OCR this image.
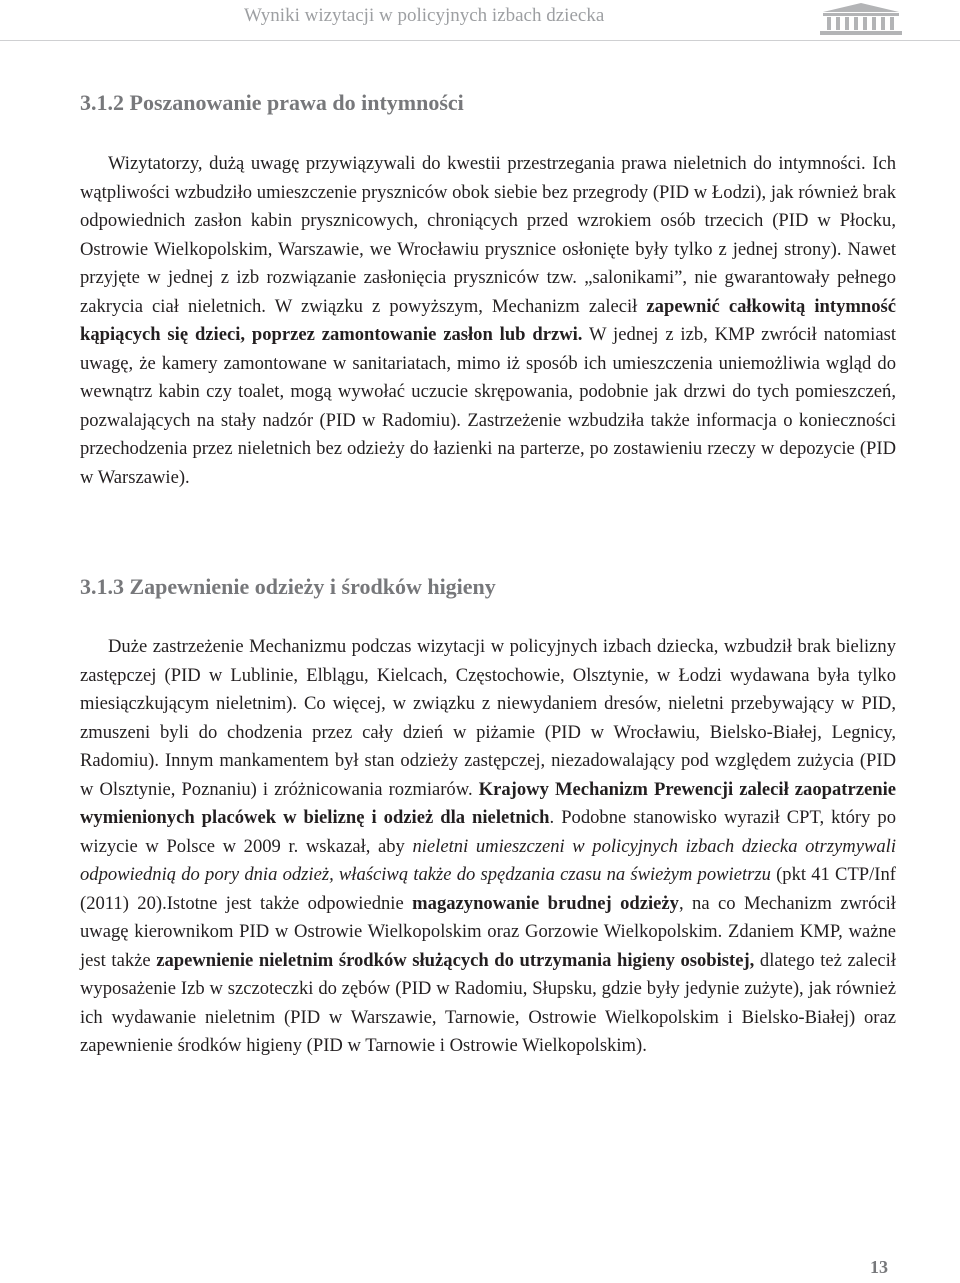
Wyniki wizytacji w policyjnych izbach dziecka
3.1.2 Poszanowanie prawa do intymności

Wizytatorzy, dużą uwagę przywiązywali do kwestii przestrzegania prawa nieletnich do intymności. Ich wątpliwości wzbudziło umieszczenie pryszniców obok siebie bez przegrody (PID w Łodzi), jak również brak odpowiednich zasłon kabin prysznicowych, chroniących przed wzrokiem osób trzecich (PID w Płocku, Ostrowie Wielkopolskim, Warszawie, we Wrocławiu prysznice osłonięte były tylko z jednej strony). Nawet przyjęte w jednej z izb rozwiązanie zasłonięcia pryszniców tzw. „salonikami”, nie gwarantowały pełnego zakrycia ciał nieletnich. W związku z powyższym, Mechanizm zalecił zapewnić całkowitą intymność kąpiących się dzieci, poprzez zamontowanie zasłon lub drzwi. W jednej z izb, KMP zwrócił natomiast uwagę, że kamery zamontowane w sanitariatach, mimo iż sposób ich umieszczenia uniemożliwia wgląd do wewnątrz kabin czy toalet, mogą wywołać uczucie skrępowania, podobnie jak drzwi do tych pomieszczeń, pozwalających na stały nadzór (PID w Radomiu). Zastrzeżenie wzbudziła także informacja o konieczności przechodzenia przez nieletnich bez odzieży do łazienki na parterze, po zostawieniu rzeczy w depozycie (PID w Warszawie).

3.1.3 Zapewnienie odzieży i środków higieny

Duże zastrzeżenie Mechanizmu podczas wizytacji w policyjnych izbach dziecka, wzbudził brak bielizny zastępczej (PID w Lublinie, Elblągu, Kielcach, Częstochowie, Olsztynie, w Łodzi wydawana była tylko miesiączkującym nieletnim). Co więcej, w związku z niewydaniem dresów, nieletni przebywający w PID, zmuszeni byli do chodzenia przez cały dzień w piżamie (PID w Wrocławiu, Bielsko-Białej, Legnicy, Radomiu). Innym mankamentem był stan odzieży zastępczej, niezadowalający pod względem zużycia (PID w Olsztynie, Poznaniu) i zróżnicowania rozmiarów. Krajowy Mechanizm Prewencji zalecił zaopatrzenie wymienionych placówek w bieliznę i odzież dla nieletnich. Podobne stanowisko wyraził CPT, który po wizycie w Polsce w 2009 r. wskazał, aby nieletni umieszczeni w policyjnych izbach dziecka otrzymywali odpowiednią do pory dnia odzież, właściwą także do spędzania czasu na świeżym powietrzu (pkt 41 CTP/Inf (2011) 20).Istotne jest także odpowiednie magazynowanie brudnej odzieży, na co Mechanizm zwrócił uwagę kierownikom PID w Ostrowie Wielkopolskim oraz Gorzowie Wielkopolskim. Zdaniem KMP, ważne jest także zapewnienie nieletnim środków służących do utrzymania higieny osobistej, dlatego też zalecił wyposażenie Izb w szczoteczki do zębów (PID w Radomiu, Słupsku, gdzie były jedynie zużyte), jak również ich wydawanie nieletnim (PID w Warszawie, Tarnowie, Ostrowie Wielkopolskim i Bielsko-Białej) oraz zapewnienie środków higieny (PID w Tarnowie i Ostrowie Wielkopolskim).

13
